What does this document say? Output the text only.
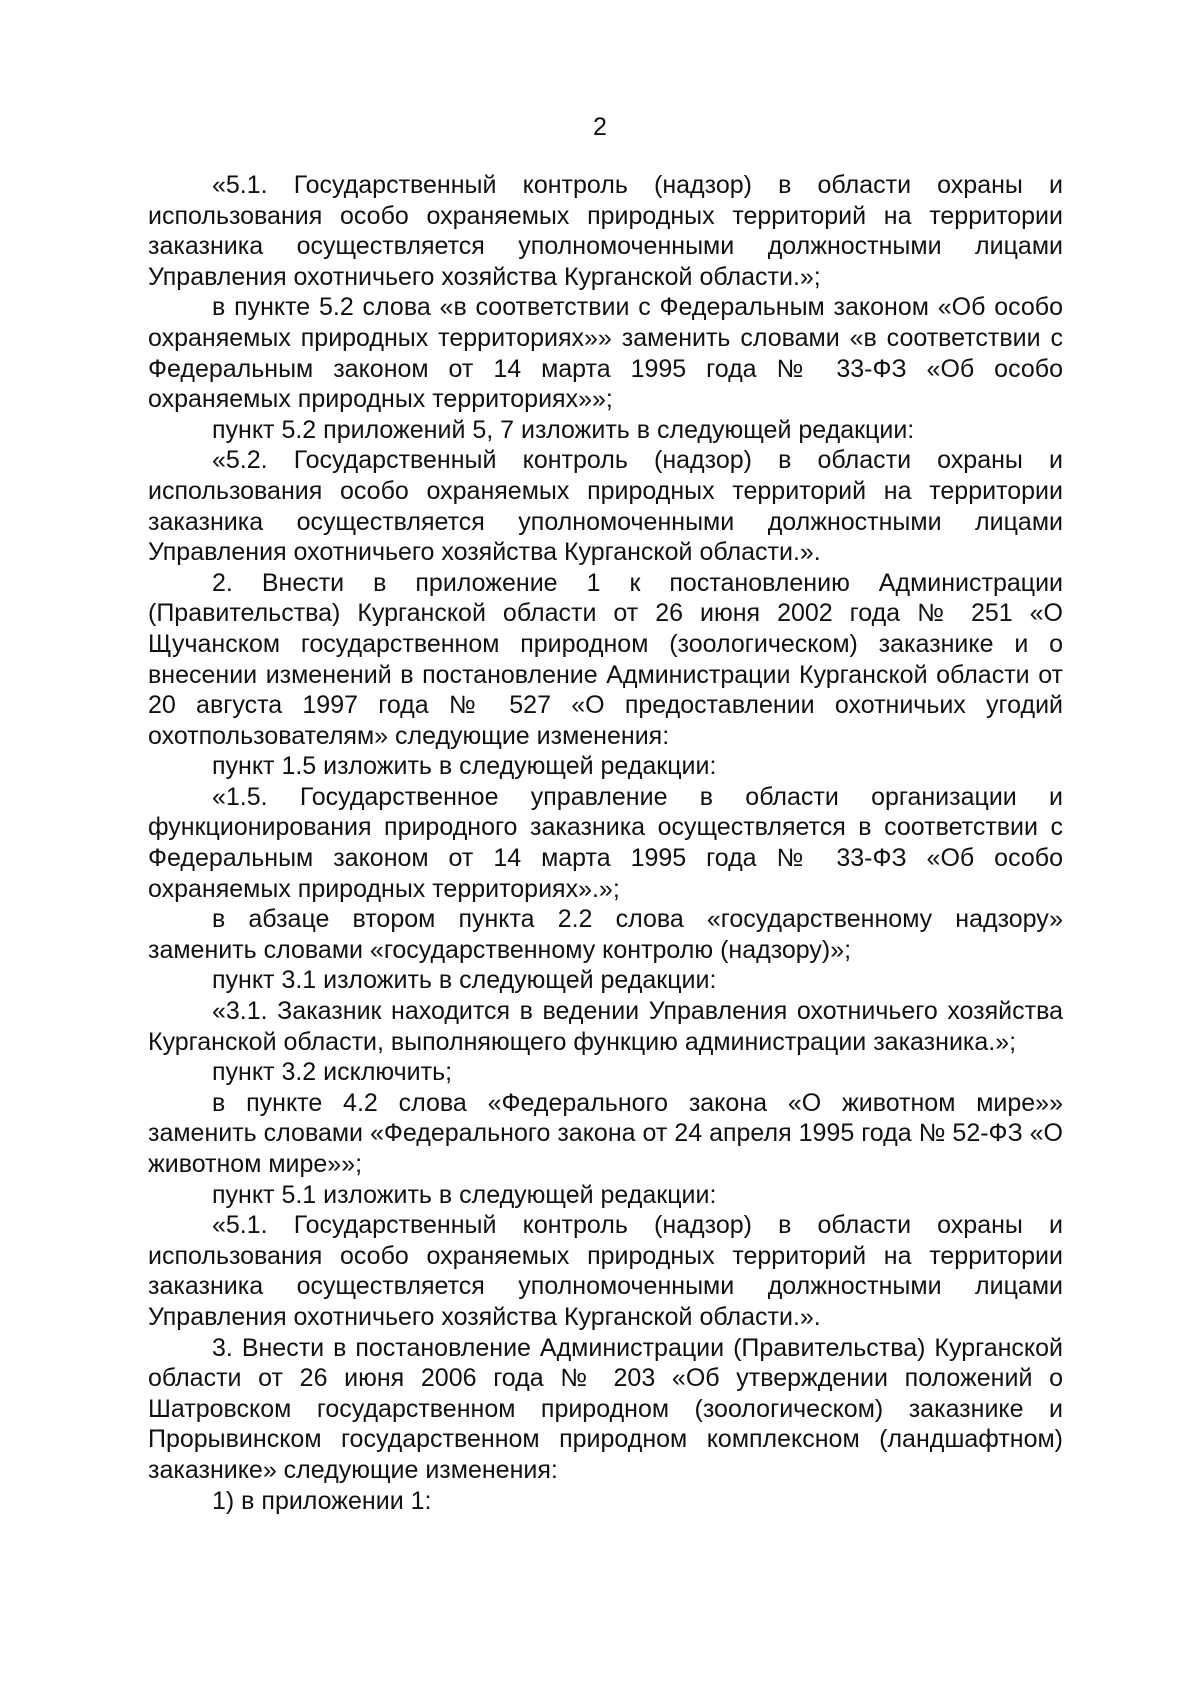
2

«5.1. Государственный контроль (надзор) в области охраны и использования особо охраняемых природных территорий на территории заказника осуществляется уполномоченными должностными лицами Управления охотничьего хозяйства Курганской области.»;

в пункте 5.2 слова «в соответствии с Федеральным законом «Об особо охраняемых природных территориях»» заменить словами «в соответствии с Федеральным законом от 14 марта 1995 года № 33-ФЗ «Об особо охраняемых природных территориях»»;

пункт 5.2 приложений 5, 7 изложить в следующей редакции:

«5.2. Государственный контроль (надзор) в области охраны и использования особо охраняемых природных территорий на территории заказника осуществляется уполномоченными должностными лицами Управления охотничьего хозяйства Курганской области.».

2. Внести в приложение 1 к постановлению Администрации (Правительства) Курганской области от 26 июня 2002 года № 251 «О Щучанском государственном природном (зоологическом) заказнике и о внесении изменений в постановление Администрации Курганской области от 20 августа 1997 года № 527 «О предоставлении охотничьих угодий охотпользователям» следующие изменения:

пункт 1.5 изложить в следующей редакции:

«1.5. Государственное управление в области организации и функционирования природного заказника осуществляется в соответствии с Федеральным законом от 14 марта 1995 года № 33-ФЗ «Об особо охраняемых природных территориях».»;

в абзаце втором пункта 2.2 слова «государственному надзору» заменить словами «государственному контролю (надзору)»;

пункт 3.1 изложить в следующей редакции:

«3.1. Заказник находится в ведении Управления охотничьего хозяйства Курганской области, выполняющего функцию администрации заказника.»;

пункт 3.2 исключить;

в пункте 4.2 слова «Федерального закона «О животном мире»» заменить словами «Федерального закона от 24 апреля 1995 года № 52-ФЗ «О животном мире»»;

пункт 5.1 изложить в следующей редакции:

«5.1. Государственный контроль (надзор) в области охраны и использования особо охраняемых природных территорий на территории заказника осуществляется уполномоченными должностными лицами Управления охотничьего хозяйства Курганской области.».

3. Внести в постановление Администрации (Правительства) Курганской области от 26 июня 2006 года № 203 «Об утверждении положений о Шатровском государственном природном (зоологическом) заказнике и Прорывинском государственном природном комплексном (ландшафтном) заказнике» следующие изменения:

1) в приложении 1:
